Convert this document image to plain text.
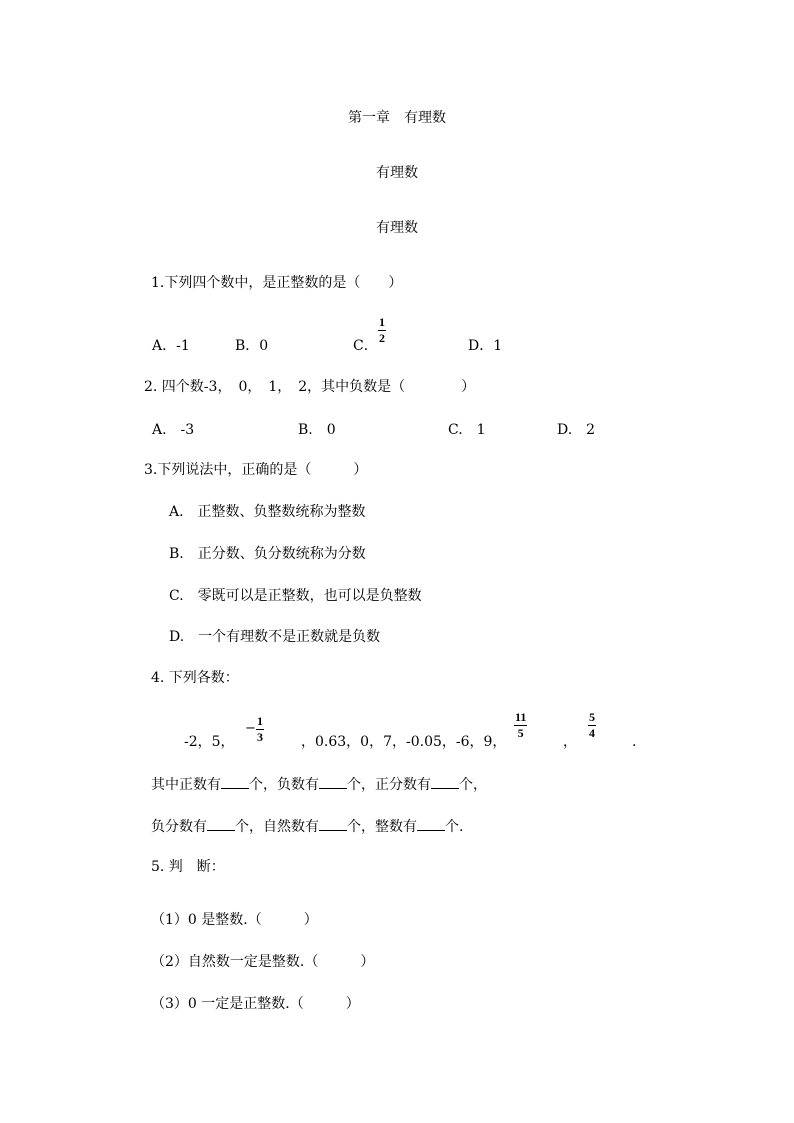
第一章　有理数
有理数
有理数
1.下列四个数中，是正整数的是（　　）
A．-1	B．0	C．
1
2	D．1
2. 四个数-3，　0，　1，　2，其中负数是（　　　　）
A.　-3	B.　0	C.　1	D.　2
3.下列说法中，正确的是（　　　）
A.　正整数、负整数统称为整数
B.　正分数、负分数统称为分数
C.　零既可以是正整数，也可以是负整数
D.　一个有理数不是正数就是负数
4. 下列各数：
-2，5，
− 1
3	，0.63，0，7，-0.05，-6，9，
11
5
，
5
4
.
其中正数有 个，负数有 个，正分数有 个，
负分数有 个，自然数有 个，整数有 个.
5. 判　断：
（1）0 是整数.（　　　）
（2）自然数一定是整数.（　　　）
（3）0 一定是正整数.（　　　）
